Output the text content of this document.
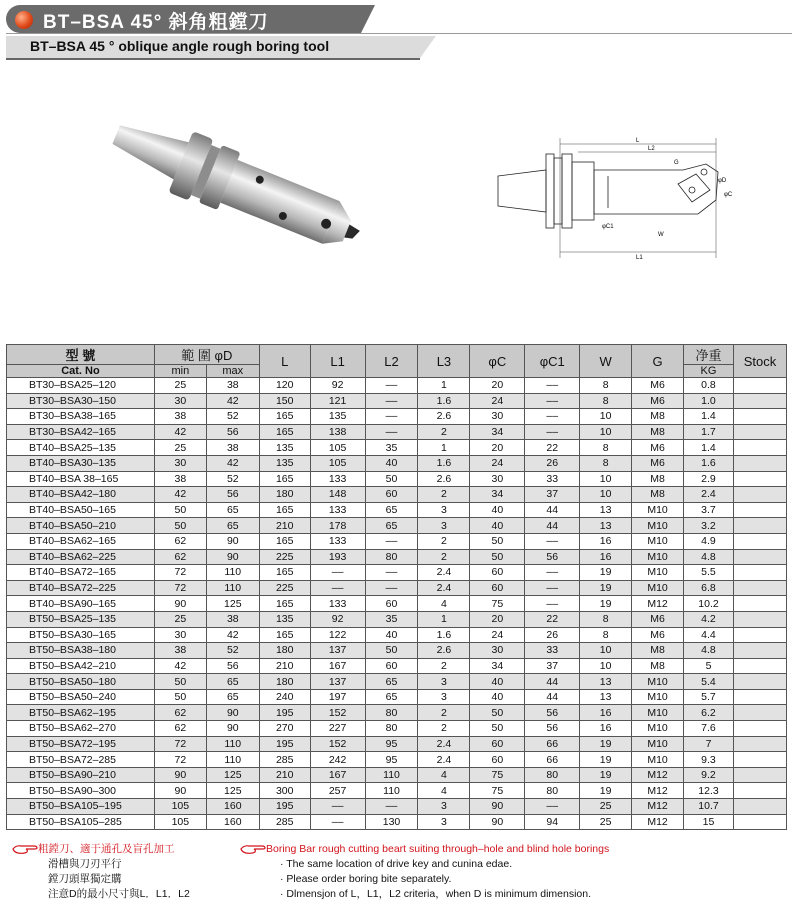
BT–BSA 45° 斜角粗鏜刀
BT–BSA 45 ° oblique angle rough boring tool
L
L2
L1
G
W
φD
φC
φC1
型 號	範 圍 φD		L	L1	L2	L3	φC	φC1	W	G	净重	Stock
Cat. No	min	max									KG	
BT30–BSA25–120	25	38	120	92	––	1	20	––	8	M6	0.8	
BT30–BSA30–150	30	42	150	121	––	1.6	24	––	8	M6	1.0	
BT30–BSA38–165	38	52	165	135	––	2.6	30	––	10	M8	1.4	
BT30–BSA42–165	42	56	165	138	––	2	34	––	10	M8	1.7	
BT40–BSA25–135	25	38	135	105	35	1	20	22	8	M6	1.4	
BT40–BSA30–135	30	42	135	105	40	1.6	24	26	8	M6	1.6	
BT40–BSA 38–165	38	52	165	133	50	2.6	30	33	10	M8	2.9	
BT40–BSA42–180	42	56	180	148	60	2	34	37	10	M8	2.4	
BT40–BSA50–165	50	65	165	133	65	3	40	44	13	M10	3.7	
BT40–BSA50–210	50	65	210	178	65	3	40	44	13	M10	3.2	
BT40–BSA62–165	62	90	165	133	––	2	50	––	16	M10	4.9	
BT40–BSA62–225	62	90	225	193	80	2	50	56	16	M10	4.8	
BT40–BSA72–165	72	110	165	––	––	2.4	60	––	19	M10	5.5	
BT40–BSA72–225	72	110	225	––	––	2.4	60	––	19	M10	6.8	
BT40–BSA90–165	90	125	165	133	60	4	75	––	19	M12	10.2	
BT50–BSA25–135	25	38	135	92	35	1	20	22	8	M6	4.2	
BT50–BSA30–165	30	42	165	122	40	1.6	24	26	8	M6	4.4	
BT50–BSA38–180	38	52	180	137	50	2.6	30	33	10	M8	4.8	
BT50–BSA42–210	42	56	210	167	60	2	34	37	10	M8	5	
BT50–BSA50–180	50	65	180	137	65	3	40	44	13	M10	5.4	
BT50–BSA50–240	50	65	240	197	65	3	40	44	13	M10	5.7	
BT50–BSA62–195	62	90	195	152	80	2	50	56	16	M10	6.2	
BT50–BSA62–270	62	90	270	227	80	2	50	56	16	M10	7.6	
BT50–BSA72–195	72	110	195	152	95	2.4	60	66	19	M10	7	
BT50–BSA72–285	72	110	285	242	95	2.4	60	66	19	M10	9.3	
BT50–BSA90–210	90	125	210	167	110	4	75	80	19	M12	9.2	
BT50–BSA90–300	90	125	300	257	110	4	75	80	19	M12	12.3	
BT50–BSA105–195	105	160	195	––	––	3	90	––	25	M12	10.7	
BT50–BSA105–285	105	160	285	––	130	3	90	94	25	M12	15	
粗鏜刀、適于通孔及盲孔加工
滑槽與刀刃平行
鏜刀頭單獨定購
注意D的最小尺寸與L．L1．L2
Boring Bar rough cutting beart suiting through–hole and blind hole borings
· The same location of drive key and cunina edae.
· Please order boring bite separately.
· Dlmensjon of L，L1，L2 criteria，when D is minimum dimension.
